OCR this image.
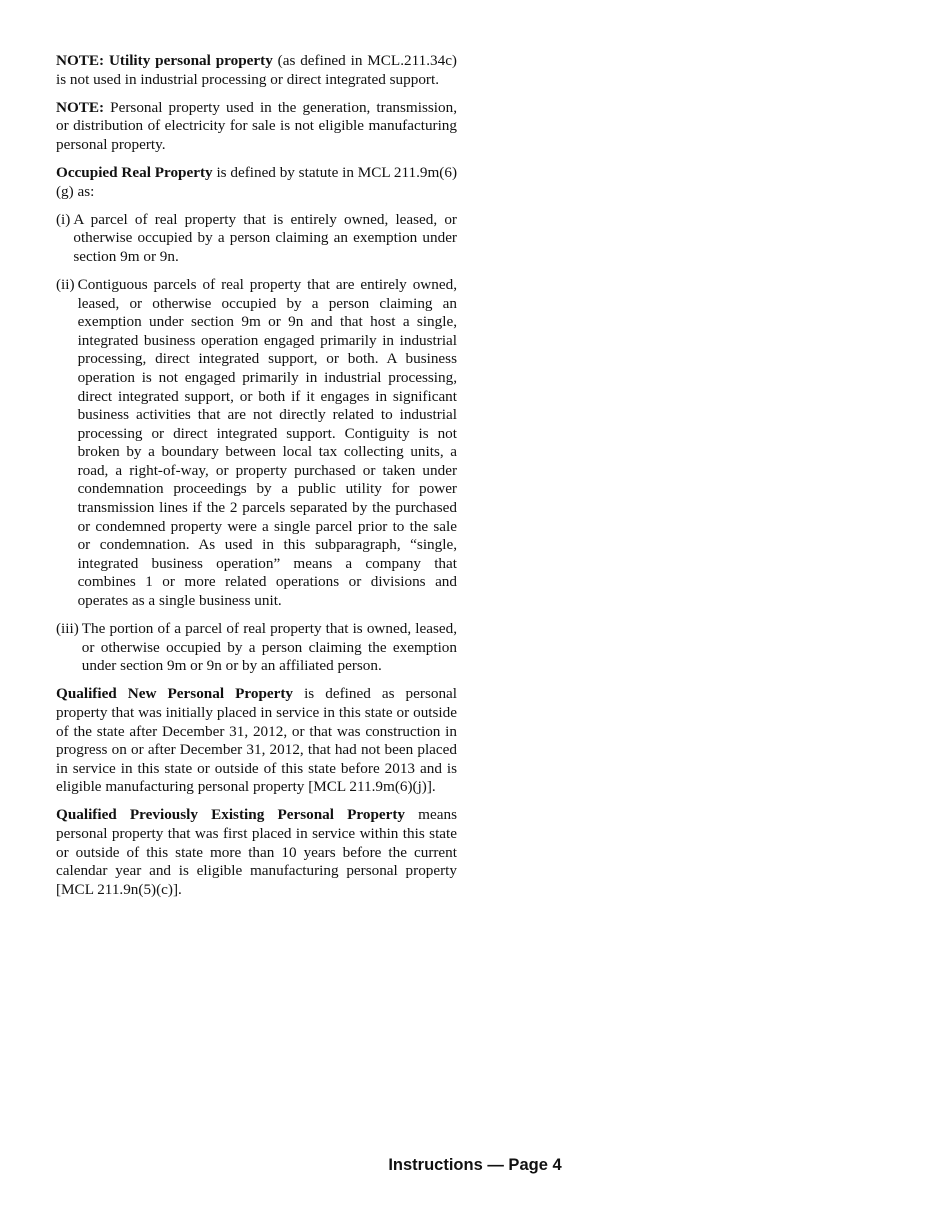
NOTE: Utility personal property (as defined in MCL.211.34c) is not used in industrial processing or direct integrated support.

NOTE: Personal property used in the generation, transmission, or distribution of electricity for sale is not eligible manufacturing personal property.

Occupied Real Property is defined by statute in MCL 211.9m(6)(g) as:

(i) A parcel of real property that is entirely owned, leased, or otherwise occupied by a person claiming an exemption under section 9m or 9n.
(ii) Contiguous parcels of real property that are entirely owned, leased, or otherwise occupied by a person claiming an exemption under section 9m or 9n and that host a single, integrated business operation engaged primarily in industrial processing, direct integrated support, or both. A business operation is not engaged primarily in industrial processing, direct integrated support, or both if it engages in significant business activities that are not directly related to industrial processing or direct integrated support. Contiguity is not broken by a boundary between local tax collecting units, a road, a right-of-way, or property purchased or taken under condemnation proceedings by a public utility for power transmission lines if the 2 parcels separated by the purchased or condemned property were a single parcel prior to the sale or condemnation. As used in this subparagraph, “single, integrated business operation” means a company that combines 1 or more related operations or divisions and operates as a single business unit.
(iii) The portion of a parcel of real property that is owned, leased, or otherwise occupied by a person claiming the exemption under section 9m or 9n or by an affiliated person.

Qualified New Personal Property is defined as personal property that was initially placed in service in this state or outside of the state after December 31, 2012, or that was construction in progress on or after December 31, 2012, that had not been placed in service in this state or outside of this state before 2013 and is eligible manufacturing personal property [MCL 211.9m(6)(j)].

Qualified Previously Existing Personal Property means personal property that was first placed in service within this state or outside of this state more than 10 years before the current calendar year and is eligible manufacturing personal property [MCL 211.9n(5)(c)].

Instructions — Page 4
